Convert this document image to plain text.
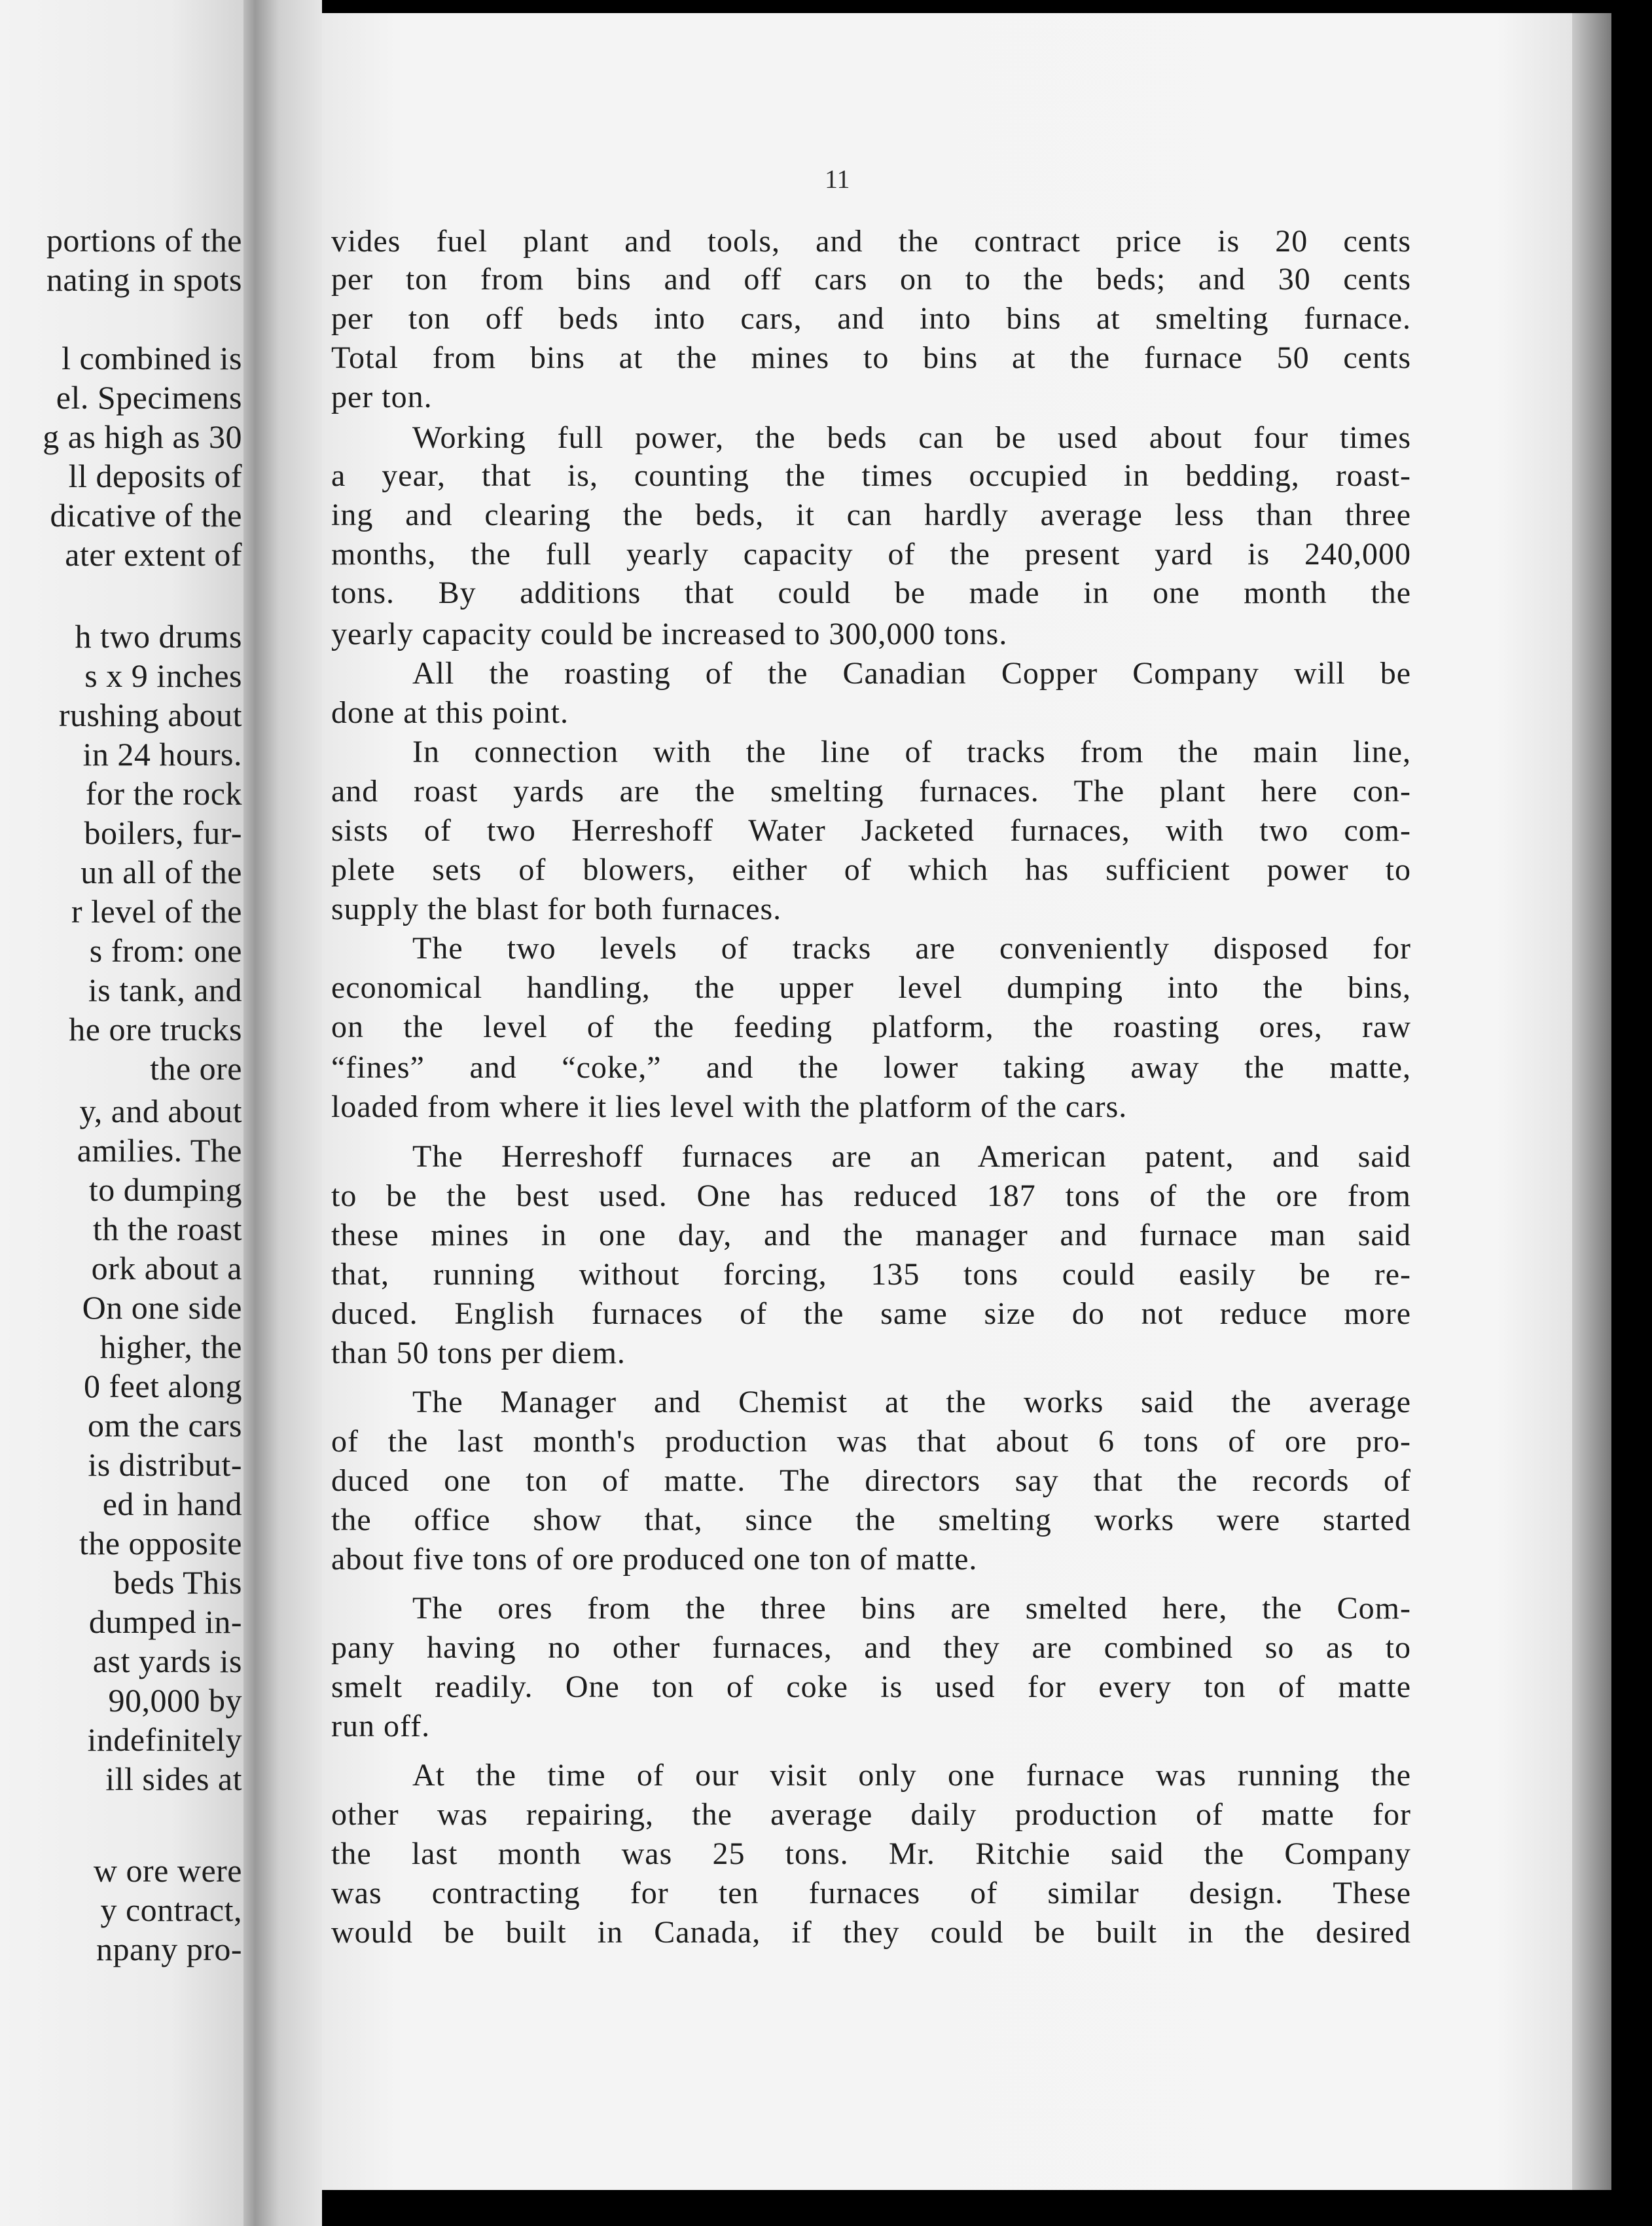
portions of the

nating in spots

l combined is

el. Specimens

g as high as 30

ll deposits of

dicative of the

ater extent of

h two drums

s x 9 inches

rushing about

in 24 hours.

for the rock

boilers, fur-

un all of the

r level of the

s from: one

is tank, and

he ore trucks

the ore

y, and about

amilies. The

to dumping

th the roast

ork about a

On one side

higher, the

0 feet along

om the cars

is distribut-

ed in hand

the opposite

beds This

dumped in-

ast yards is

90,000 by

indefinitely

ill sides at

w ore were

y contract,

npany pro-

11

vides fuel plant and tools, and the contract price is 20 cents

per ton from bins and off cars on to the beds; and 30 cents

per ton off beds into cars, and into bins at smelting furnace.

Total from bins at the mines to bins at the furnace 50 cents

per ton.

Working full power, the beds can be used about four times

a year, that is, counting the times occupied in bedding, roast-

ing and clearing the beds, it can hardly average less than three

months, the full yearly capacity of the present yard is 240,000

tons. By additions that could be made in one month the

yearly capacity could be increased to 300,000 tons.

All the roasting of the Canadian Copper Company will be

done at this point.

In connection with the line of tracks from the main line,

and roast yards are the smelting furnaces. The plant here con-

sists of two Herreshoff Water Jacketed furnaces, with two com-

plete sets of blowers, either of which has sufficient power to

supply the blast for both furnaces.

The two levels of tracks are conveniently disposed for

economical handling, the upper level dumping into the bins,

on the level of the feeding platform, the roasting ores, raw

“fines” and “coke,” and the lower taking away the matte,

loaded from where it lies level with the platform of the cars.

The Herreshoff furnaces are an American patent, and said

to be the best used. One has reduced 187 tons of the ore from

these mines in one day, and the manager and furnace man said

that, running without forcing, 135 tons could easily be re-

duced. English furnaces of the same size do not reduce more

than 50 tons per diem.

The Manager and Chemist at the works said the average

of the last month's production was that about 6 tons of ore pro-

duced one ton of matte. The directors say that the records of

the office show that, since the smelting works were started

about five tons of ore produced one ton of matte.

The ores from the three bins are smelted here, the Com-

pany having no other furnaces, and they are combined so as to

smelt readily. One ton of coke is used for every ton of matte

run off.

At the time of our visit only one furnace was running the

other was repairing, the average daily production of matte for

the last month was 25 tons. Mr. Ritchie said the Company

was contracting for ten furnaces of similar design. These

would be built in Canada, if they could be built in the desired
